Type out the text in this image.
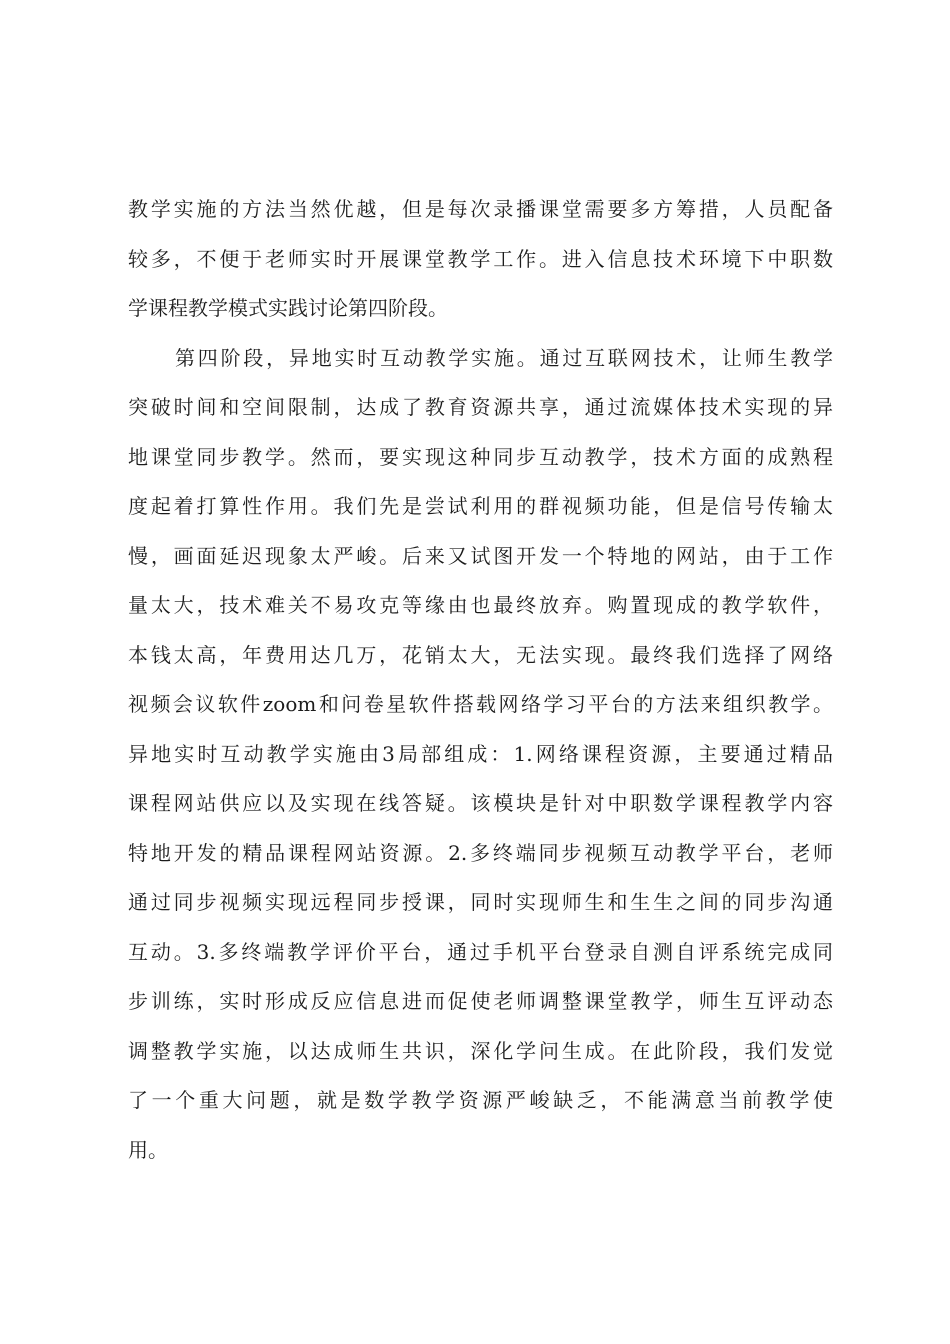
教学实施的方法当然优越，但是每次录播课堂需要多方筹措，人员配备
较多，不便于老师实时开展课堂教学工作。进入信息技术环境下中职数
学课程教学模式实践讨论第四阶段。
第四阶段，异地实时互动教学实施。通过互联网技术，让师生教学
突破时间和空间限制，达成了教育资源共享，通过流媒体技术实现的异
地课堂同步教学。然而，要实现这种同步互动教学，技术方面的成熟程
度起着打算性作用。我们先是尝试利用的群视频功能，但是信号传输太
慢，画面延迟现象太严峻。后来又试图开发一个特地的网站，由于工作
量太大，技术难关不易攻克等缘由也最终放弃。购置现成的教学软件，
本钱太高，年费用达几万，花销太大，无法实现。最终我们选择了网络
视频会议软件zoom和问卷星软件搭载网络学习平台的方法来组织教学。
异地实时互动教学实施由3局部组成：1.网络课程资源，主要通过精品
课程网站供应以及实现在线答疑。该模块是针对中职数学课程教学内容
特地开发的精品课程网站资源。2.多终端同步视频互动教学平台，老师
通过同步视频实现远程同步授课，同时实现师生和生生之间的同步沟通
互动。3.多终端教学评价平台，通过手机平台登录自测自评系统完成同
步训练，实时形成反应信息进而促使老师调整课堂教学，师生互评动态
调整教学实施，以达成师生共识，深化学问生成。在此阶段，我们发觉
了一个重大问题，就是数学教学资源严峻缺乏，不能满意当前教学使
用。
